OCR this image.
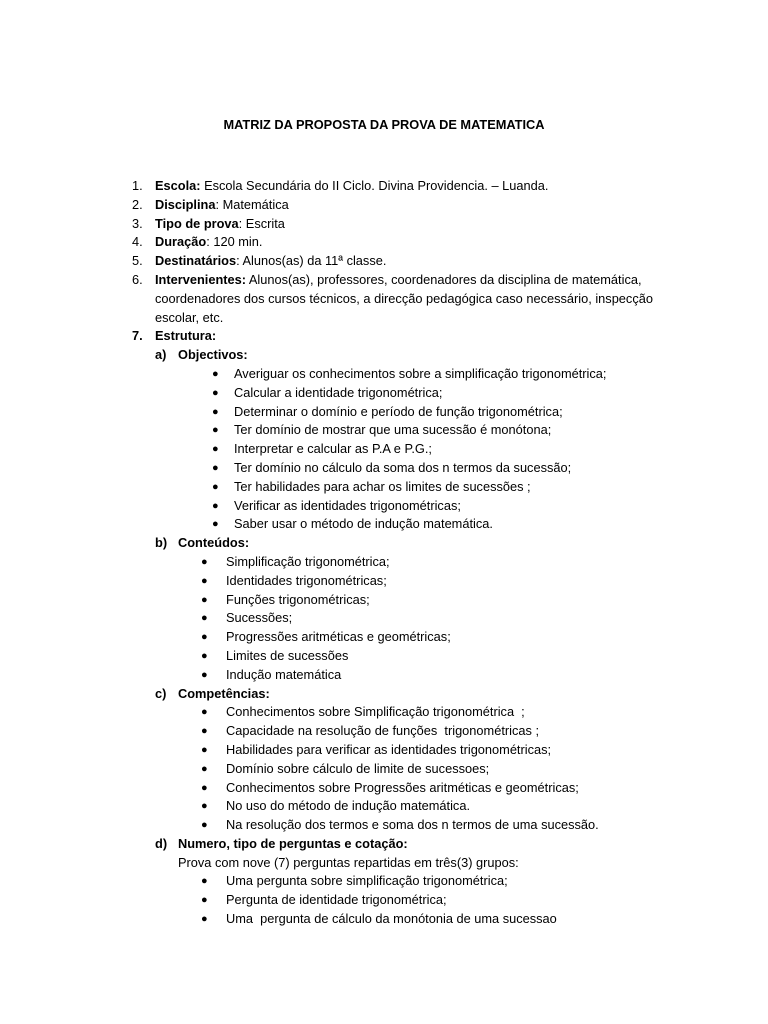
MATRIZ DA PROPOSTA DA PROVA DE MATEMATICA

1. Escola: Escola Secundária do II Ciclo. Divina Providencia. – Luanda.
2. Disciplina: Matemática
3. Tipo de prova: Escrita
4. Duração: 120 min.
5. Destinatários: Alunos(as) da 11ª classe.
6. Intervenientes: Alunos(as), professores, coordenadores da disciplina de matemática, coordenadores dos cursos técnicos, a direcção pedagógica caso necessário, inspecção escolar, etc.
7. Estrutura:
a) Objectivos:
● Averiguar os conhecimentos sobre a simplificação trigonométrica;
● Calcular a identidade trigonométrica;
● Determinar o domínio e período de função trigonométrica;
● Ter domínio de mostrar que uma sucessão é monótona;
● Interpretar e calcular as P.A e P.G.;
● Ter domínio no cálculo da soma dos n termos da sucessão;
● Ter habilidades para achar os limites de sucessões ;
● Verificar as identidades trigonométricas;
● Saber usar o método de indução matemática.
b) Conteúdos:
● Simplificação trigonométrica;
● Identidades trigonométricas;
● Funções trigonométricas;
● Sucessões;
● Progressões aritméticas e geométricas;
● Limites de sucessões
● Indução matemática
c) Competências:
● Conhecimentos sobre Simplificação trigonométrica  ;
● Capacidade na resolução de funções  trigonométricas ;
● Habilidades para verificar as identidades trigonométricas;
● Domínio sobre cálculo de limite de sucessoes;
● Conhecimentos sobre Progressões aritméticas e geométricas;
● No uso do método de indução matemática.
● Na resolução dos termos e soma dos n termos de uma sucessão.
d) Numero, tipo de perguntas e cotação:
Prova com nove (7) perguntas repartidas em três(3) grupos:
● Uma pergunta sobre simplificação trigonométrica;
● Pergunta de identidade trigonométrica;
● Uma  pergunta de cálculo da monótonia de uma sucessao
